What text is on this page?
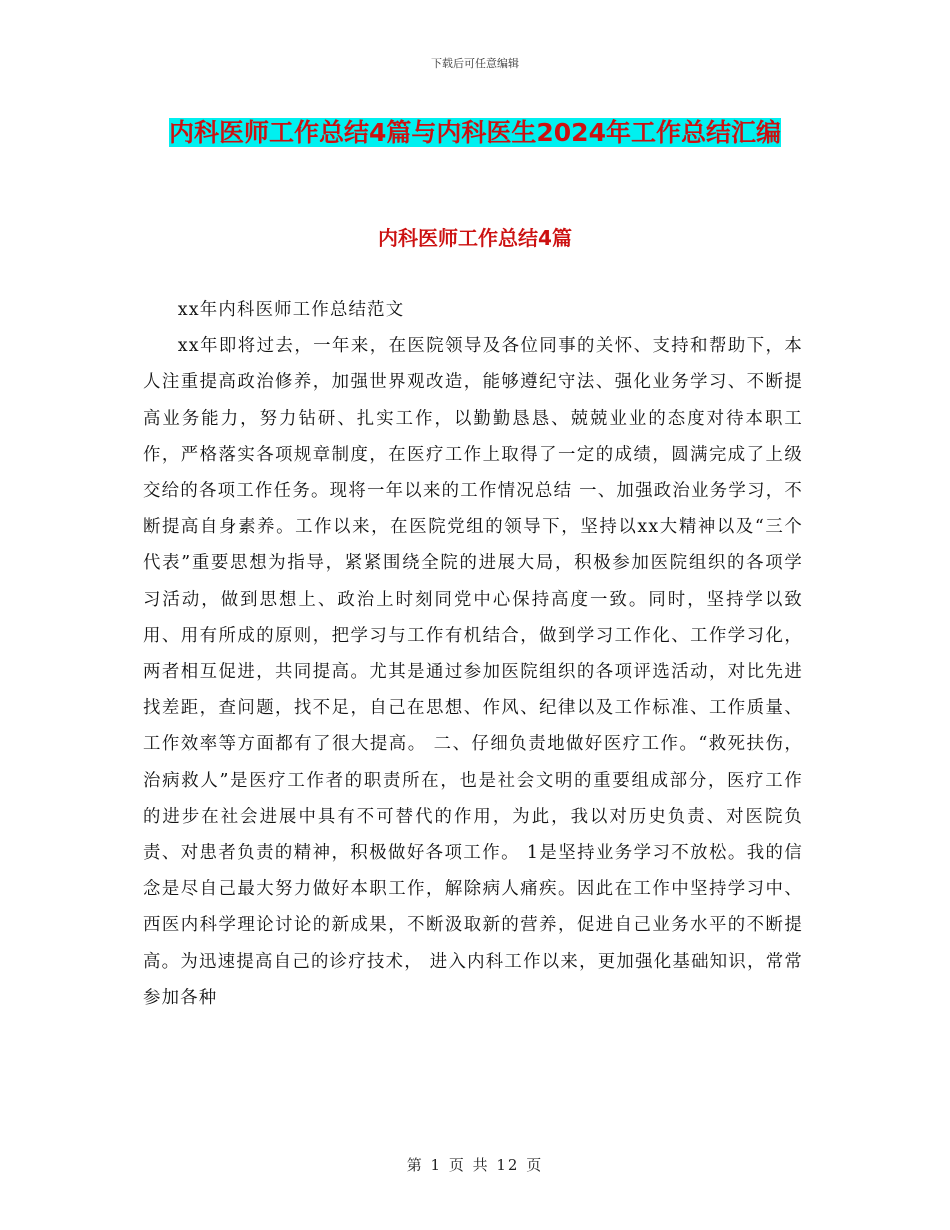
下载后可任意编辑
内科医师工作总结4篇与内科医生2024年工作总结汇编
内科医师工作总结4篇

xx年内科医师工作总结范文

xx年即将过去，一年来，在医院领导及各位同事的关怀、支持和帮助下，本人注重提高政治修养，加强世界观改造，能够遵纪守法、强化业务学习、不断提高业务能力，努力钻研、扎实工作，以勤勤恳恳、兢兢业业的态度对待本职工作，严格落实各项规章制度，在医疗工作上取得了一定的成绩，圆满完成了上级交给的各项工作任务。现将一年以来的工作情况总结 一、加强政治业务学习，不断提高自身素养。工作以来，在医院党组的领导下，坚持以xx大精神以及“三个代表”重要思想为指导，紧紧围绕全院的进展大局，积极参加医院组织的各项学习活动，做到思想上、政治上时刻同党中心保持高度一致。同时，坚持学以致用、用有所成的原则，把学习与工作有机结合，做到学习工作化、工作学习化，两者相互促进，共同提高。尤其是通过参加医院组织的各项评选活动，对比先进找差距，查问题，找不足，自己在思想、作风、纪律以及工作标准、工作质量、工作效率等方面都有了很大提高。 二、仔细负责地做好医疗工作。“救死扶伤，治病救人”是医疗工作者的职责所在，也是社会文明的重要组成部分，医疗工作的进步在社会进展中具有不可替代的作用，为此，我以对历史负责、对医院负责、对患者负责的精神，积极做好各项工作。 1是坚持业务学习不放松。我的信念是尽自己最大努力做好本职工作，解除病人痛疾。因此在工作中坚持学习中、西医内科学理论讨论的新成果，不断汲取新的营养，促进自己业务水平的不断提高。为迅速提高自己的诊疗技术， 进入内科工作以来，更加强化基础知识，常常参加各种

第 1 页 共 12 页
